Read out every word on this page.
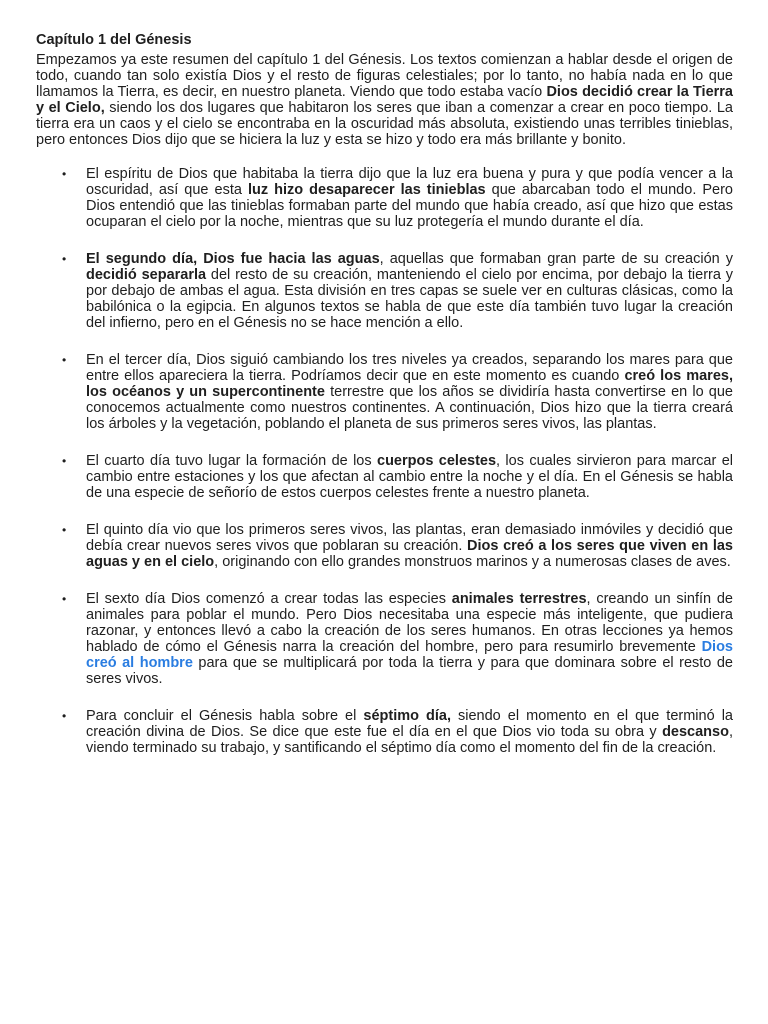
Capítulo 1 del Génesis

Empezamos ya este resumen del capítulo 1 del Génesis. Los textos comienzan a hablar desde el origen de todo, cuando tan solo existía Dios y el resto de figuras celestiales; por lo tanto, no había nada en lo que llamamos la Tierra, es decir, en nuestro planeta. Viendo que todo estaba vacío Dios decidió crear la Tierra y el Cielo, siendo los dos lugares que habitaron los seres que iban a comenzar a crear en poco tiempo. La tierra era un caos y el cielo se encontraba en la oscuridad más absoluta, existiendo unas terribles tinieblas, pero entonces Dios dijo que se hiciera la luz y esta se hizo y todo era más brillante y bonito.

• El espíritu de Dios que habitaba la tierra dijo que la luz era buena y pura y que podía vencer a la oscuridad, así que esta luz hizo desaparecer las tinieblas que abarcaban todo el mundo. Pero Dios entendió que las tinieblas formaban parte del mundo que había creado, así que hizo que estas ocuparan el cielo por la noche, mientras que su luz protegería el mundo durante el día.
• El segundo día, Dios fue hacia las aguas, aquellas que formaban gran parte de su creación y decidió separarla del resto de su creación, manteniendo el cielo por encima, por debajo la tierra y por debajo de ambas el agua. Esta división en tres capas se suele ver en culturas clásicas, como la babilónica o la egipcia. En algunos textos se habla de que este día también tuvo lugar la creación del infierno, pero en el Génesis no se hace mención a ello.
• En el tercer día, Dios siguió cambiando los tres niveles ya creados, separando los mares para que entre ellos apareciera la tierra. Podríamos decir que en este momento es cuando creó los mares, los océanos y un supercontinente terrestre que los años se dividiría hasta convertirse en lo que conocemos actualmente como nuestros continentes. A continuación, Dios hizo que la tierra creará los árboles y la vegetación, poblando el planeta de sus primeros seres vivos, las plantas.
• El cuarto día tuvo lugar la formación de los cuerpos celestes, los cuales sirvieron para marcar el cambio entre estaciones y los que afectan al cambio entre la noche y el día. En el Génesis se habla de una especie de señorío de estos cuerpos celestes frente a nuestro planeta.
• El quinto día vio que los primeros seres vivos, las plantas, eran demasiado inmóviles y decidió que debía crear nuevos seres vivos que poblaran su creación. Dios creó a los seres que viven en las aguas y en el cielo, originando con ello grandes monstruos marinos y a numerosas clases de aves.
• El sexto día Dios comenzó a crear todas las especies animales terrestres, creando un sinfín de animales para poblar el mundo. Pero Dios necesitaba una especie más inteligente, que pudiera razonar, y entonces llevó a cabo la creación de los seres humanos. En otras lecciones ya hemos hablado de cómo el Génesis narra la creación del hombre, pero para resumirlo brevemente Dios creó al hombre para que se multiplicará por toda la tierra y para que dominara sobre el resto de seres vivos.
• Para concluir el Génesis habla sobre el séptimo día, siendo el momento en el que terminó la creación divina de Dios. Se dice que este fue el día en el que Dios vio toda su obra y descanso, viendo terminado su trabajo, y santificando el séptimo día como el momento del fin de la creación.
